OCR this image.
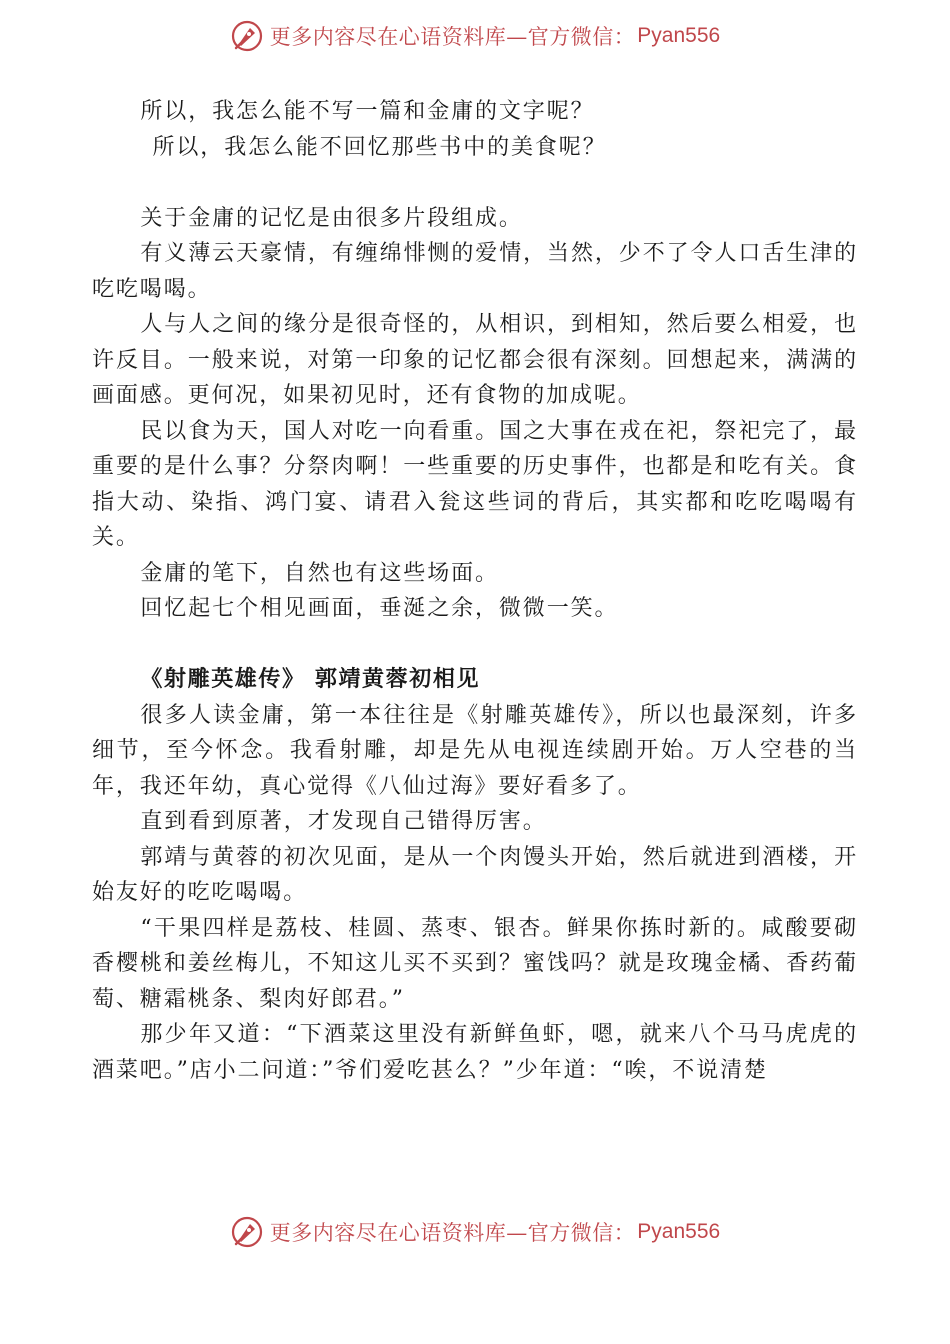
更多内容尽在心语资料库—官方微信： Pyan556

所以，我怎么能不写一篇和金庸的文字呢？

所以，我怎么能不回忆那些书中的美食呢？

关于金庸的记忆是由很多片段组成。

有义薄云天豪情，有缠绵悱恻的爱情，当然，少不了令人口舌生津的吃吃喝喝。

人与人之间的缘分是很奇怪的，从相识，到相知，然后要么相爱，也许反目。一般来说，对第一印象的记忆都会很有深刻。回想起来，满满的画面感。更何况，如果初见时，还有食物的加成呢。

民以食为天，国人对吃一向看重。国之大事在戎在祀，祭祀完了，最重要的是什么事？分祭肉啊！一些重要的历史事件，也都是和吃有关。食指大动、染指、鸿门宴、请君入瓮这些词的背后，其实都和吃吃喝喝有关。

金庸的笔下，自然也有这些场面。

回忆起七个相见画面，垂涎之余，微微一笑。

《射雕英雄传》 郭靖黄蓉初相见

很多人读金庸，第一本往往是《射雕英雄传》，所以也最深刻，许多细节，至今怀念。我看射雕，却是先从电视连续剧开始。万人空巷的当年，我还年幼，真心觉得《八仙过海》要好看多了。

直到看到原著，才发现自己错得厉害。

郭靖与黄蓉的初次见面，是从一个肉馒头开始，然后就进到酒楼，开始友好的吃吃喝喝。

“干果四样是荔枝、桂圆、蒸枣、银杏。鲜果你拣时新的。咸酸要砌香樱桃和姜丝梅儿，不知这儿买不买到？蜜饯吗？就是玫瑰金橘、香药葡萄、糖霜桃条、梨肉好郎君。”

那少年又道：“下酒菜这里没有新鲜鱼虾，嗯，就来八个马马虎虎的酒菜吧。”店小二问道：”爷们爱吃甚么？”少年道：“唉，不说清楚

更多内容尽在心语资料库—官方微信： Pyan556
